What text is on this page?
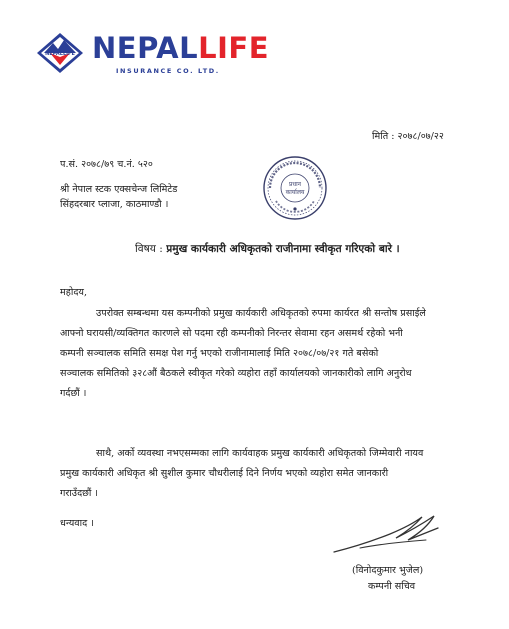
NEPALLIFE NEPALLIFE
INSURANCE CO. LTD.
मिति : २०७८/०७/२२
प.सं. २०७८/७९ च.नं. ५२०
श्री नेपाल स्टक एक्सचेन्ज लिमिटेड
सिंहदरबार प्लाजा, काठमाण्डौ ।
प्रधान
कार्यालय
विषय : प्रमुख कार्यकारी अधिकृतको राजीनामा स्वीकृत गरिएको बारे ।
महोदय,
उपरोक्त सम्बन्धमा यस कम्पनीको प्रमुख कार्यकारी अधिकृतको रुपमा कार्यरत श्री सन्तोष प्रसाईले
आफ्नो घरायसी/व्यक्तिगत कारणले सो पदमा रही कम्पनीको निरन्तर सेवामा रहन असमर्थ रहेको भनी
कम्पनी सञ्चालक समिति समक्ष पेश गर्नु भएको राजीनामालाई मिति २०७८/०७/२१ गते बसेको
सञ्चालक समितिको ३२८औं बैठकले स्वीकृत गरेको व्यहोरा तहाँ कार्यालयको जानकारीको लागि अनुरोध
गर्दछौं ।
साथै, अर्को व्यवस्था नभएसम्मका लागि कार्यवाहक प्रमुख कार्यकारी अधिकृतको जिम्मेवारी नायव
प्रमुख कार्यकारी अधिकृत श्री सुशील कुमार चौधरीलाई दिने निर्णय भएको व्यहोरा समेत जानकारी
गराउँदछौं ।
धन्यवाद ।
(विनोदकुमार भुजेल)
कम्पनी सचिव
